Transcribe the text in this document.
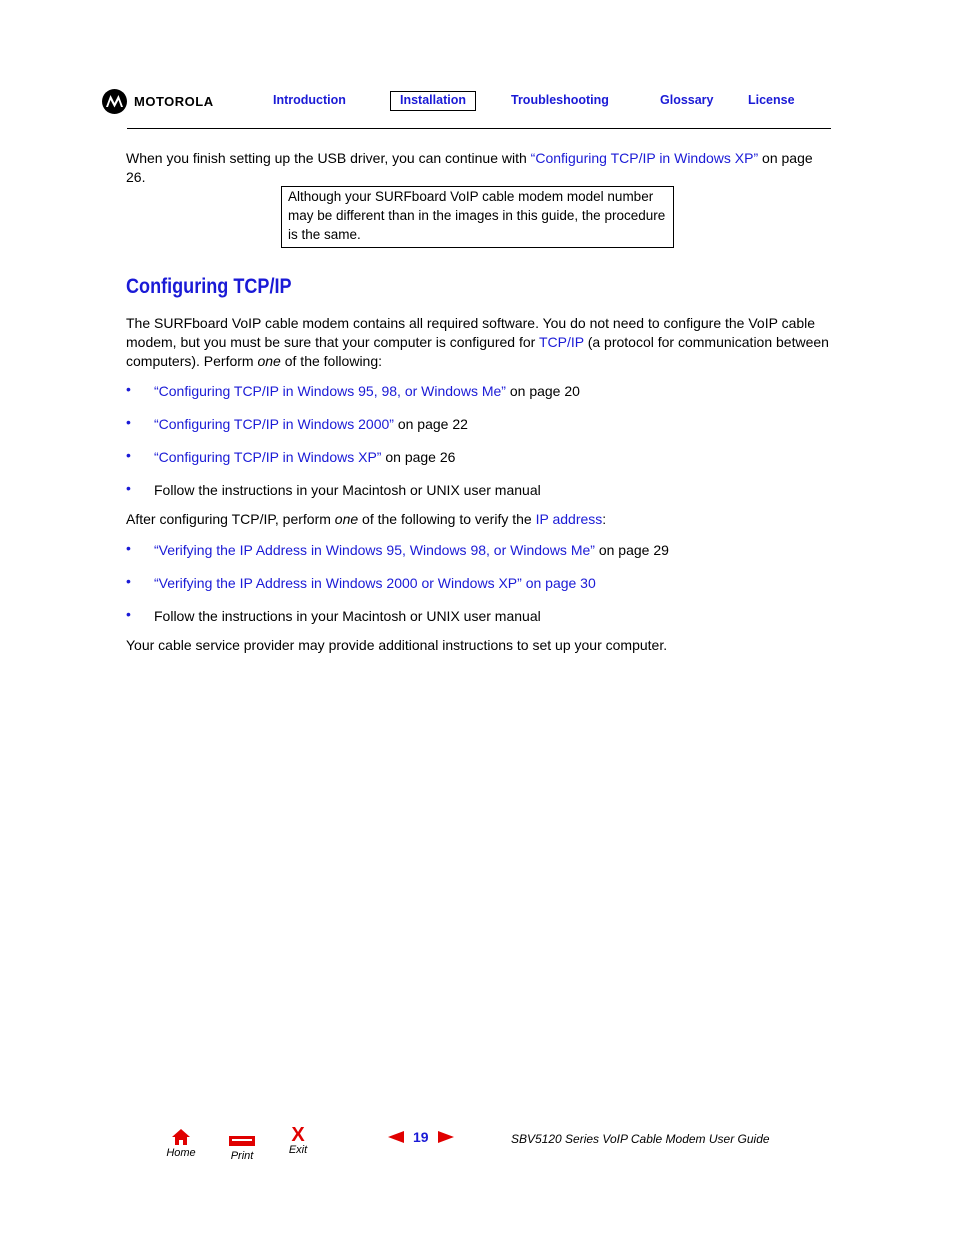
MOTOROLA	Introduction	Installation	Troubleshooting	Glossary	License
When you finish setting up the USB driver, you can continue with “Configuring TCP/IP in Windows XP” on page 26.
Although your SURFboard VoIP cable modem model number may be different than in the images in this guide, the procedure is the same.
Configuring TCP/IP
The SURFboard VoIP cable modem contains all required software. You do not need to configure the VoIP cable modem, but you must be sure that your computer is configured for TCP/IP (a protocol for communication between computers). Perform one of the following:
• “Configuring TCP/IP in Windows 95, 98, or Windows Me” on page 20
• “Configuring TCP/IP in Windows 2000” on page 22
• “Configuring TCP/IP in Windows XP” on page 26
• Follow the instructions in your Macintosh or UNIX user manual
After configuring TCP/IP, perform one of the following to verify the IP address:
• “Verifying the IP Address in Windows 95, Windows 98, or Windows Me” on page 29
• “Verifying the IP Address in Windows 2000 or Windows XP” on page 30
• Follow the instructions in your Macintosh or UNIX user manual
Your cable service provider may provide additional instructions to set up your computer.
Home	Print
X
Exit
19	SBV5120 Series VoIP Cable Modem User Guide
